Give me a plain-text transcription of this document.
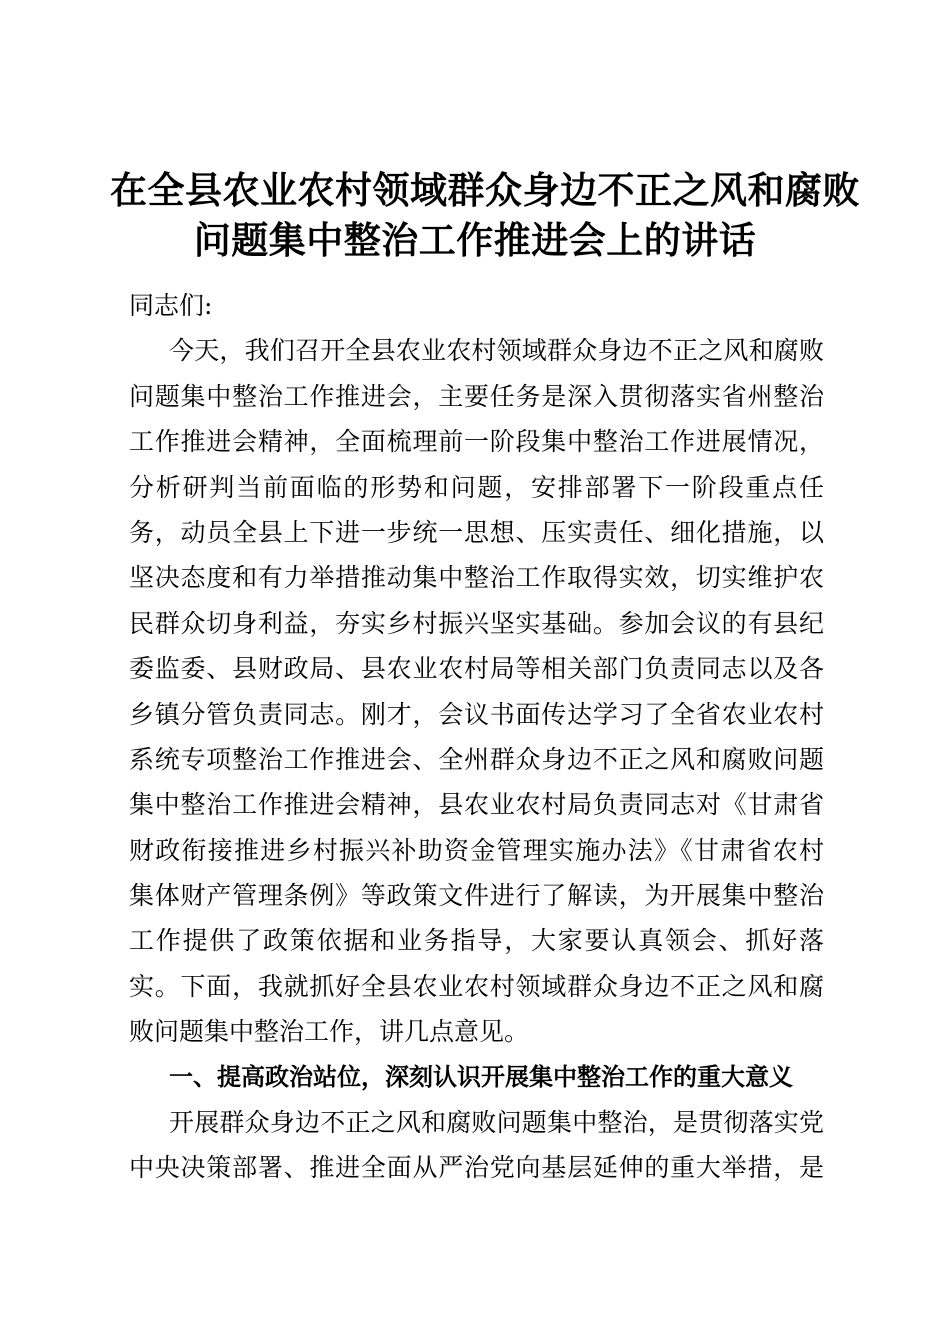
在全县农业农村领域群众身边不正之风和腐败
问题集中整治工作推进会上的讲话
同志们:
今天，我们召开全县农业农村领域群众身边不正之风和腐败
问题集中整治工作推进会，主要任务是深入贯彻落实省州整治
工作推进会精神，全面梳理前一阶段集中整治工作进展情况，
分析研判当前面临的形势和问题，安排部署下一阶段重点任
务，动员全县上下进一步统一思想、压实责任、细化措施，以
坚决态度和有力举措推动集中整治工作取得实效，切实维护农
民群众切身利益，夯实乡村振兴坚实基础。参加会议的有县纪
委监委、县财政局、县农业农村局等相关部门负责同志以及各
乡镇分管负责同志。刚才，会议书面传达学习了全省农业农村
系统专项整治工作推进会、全州群众身边不正之风和腐败问题
集中整治工作推进会精神，县农业农村局负责同志对《甘肃省
财政衔接推进乡村振兴补助资金管理实施办法》《甘肃省农村
集体财产管理条例》等政策文件进行了解读，为开展集中整治
工作提供了政策依据和业务指导，大家要认真领会、抓好落
实。下面，我就抓好全县农业农村领域群众身边不正之风和腐
败问题集中整治工作，讲几点意见。
一、提高政治站位，深刻认识开展集中整治工作的重大意义
开展群众身边不正之风和腐败问题集中整治，是贯彻落实党
中央决策部署、推进全面从严治党向基层延伸的重大举措，是
